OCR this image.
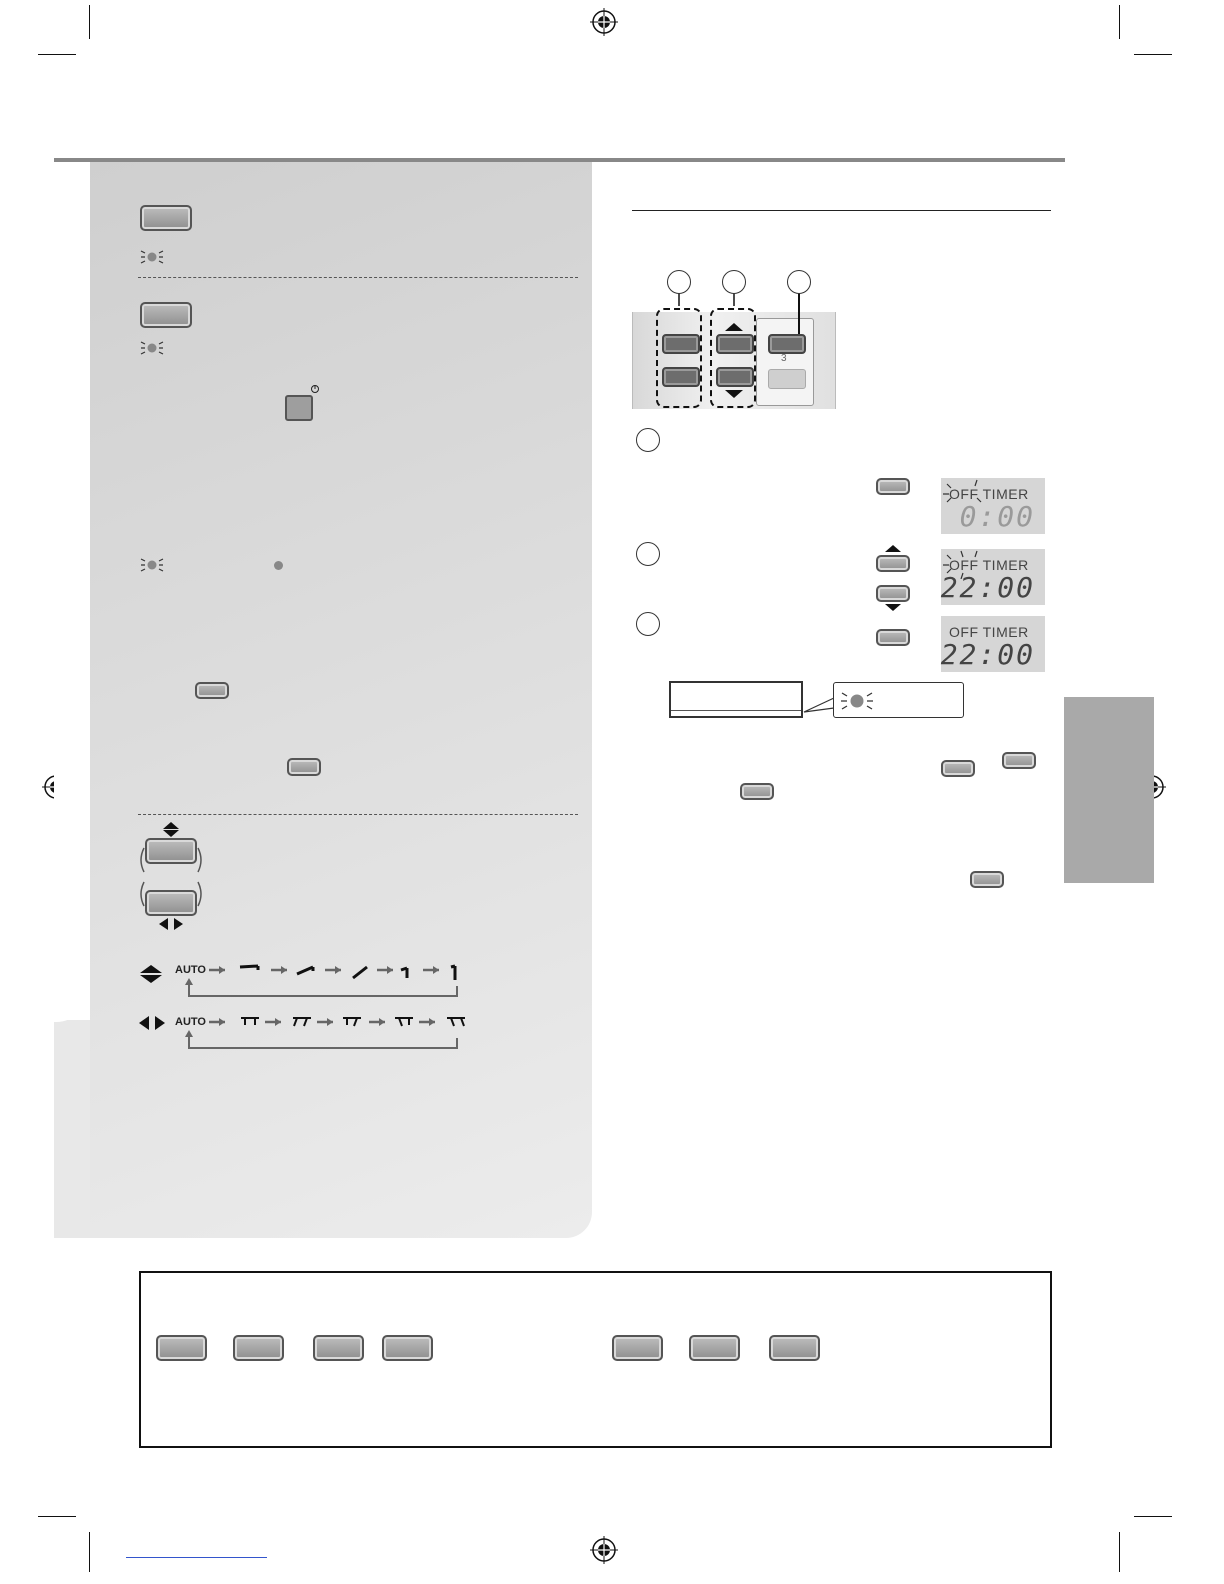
AUTO
AUTO
3
OFF TIMER
0:00
OFF TIMER
22:00
OFF TIMER
22:00
